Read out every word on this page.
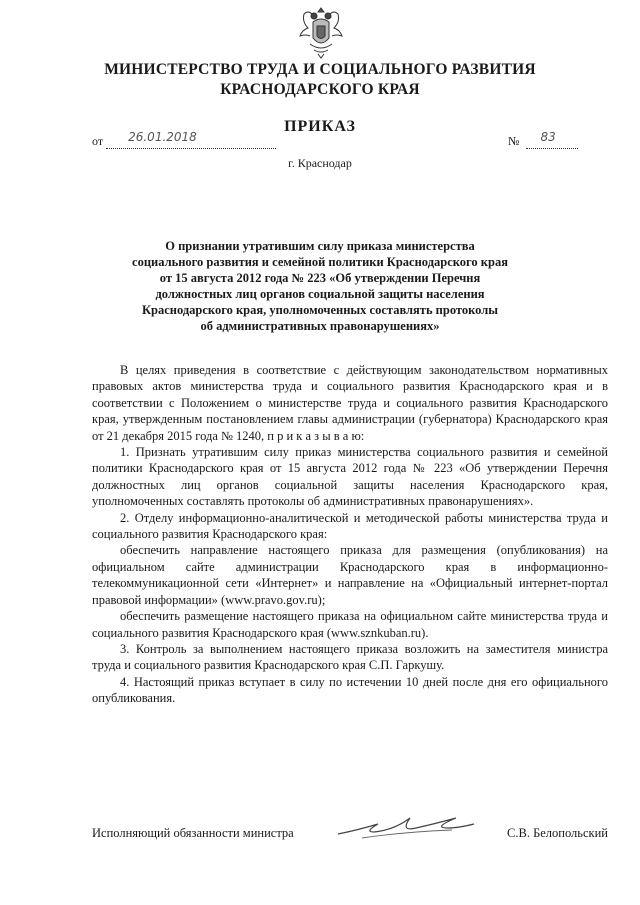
МИНИСТЕРСТВО ТРУДА И СОЦИАЛЬНОГО РАЗВИТИЯ
КРАСНОДАРСКОГО КРАЯ
ПРИКАЗ
от 26.01.2018	№ 83
г. Краснодар
О признании утратившим силу приказа министерства
социального развития и семейной политики Краснодарского края
от 15 августа 2012 года № 223 «Об утверждении Перечня
должностных лиц органов социальной защиты населения
Краснодарского края, уполномоченных составлять протоколы
об административных правонарушениях»

В целях приведения в соответствие с действующим законодательством нормативных правовых актов министерства труда и социального развития Краснодарского края и в соответствии с Положением о министерстве труда и социального развития Краснодарского края, утвержденным постановлением главы администрации (губернатора) Краснодарского края от 21 декабря 2015 года № 1240, п р и к а з ы в а ю:

1. Признать утратившим силу приказ министерства социального развития и семейной политики Краснодарского края от 15 августа 2012 года № 223 «Об утверждении Перечня должностных лиц органов социальной защиты населения Краснодарского края, уполномоченных составлять протоколы об административных правонарушениях».

2. Отделу информационно-аналитической и методической работы министерства труда и социального развития Краснодарского края:

обеспечить направление настоящего приказа для размещения (опубликования) на официальном сайте администрации Краснодарского края в информационно-телекоммуникационной сети «Интернет» и направление на «Официальный интернет-портал правовой информации» (www.pravo.gov.ru);

обеспечить размещение настоящего приказа на официальном сайте министерства труда и социального развития Краснодарского края (www.sznkuban.ru).

3. Контроль за выполнением настоящего приказа возложить на заместителя министра труда и социального развития Краснодарского края С.П. Гаркушу.

4. Настоящий приказ вступает в силу по истечении 10 дней после дня его официального опубликования.

Исполняющий обязанности министра	С.В. Белопольский
